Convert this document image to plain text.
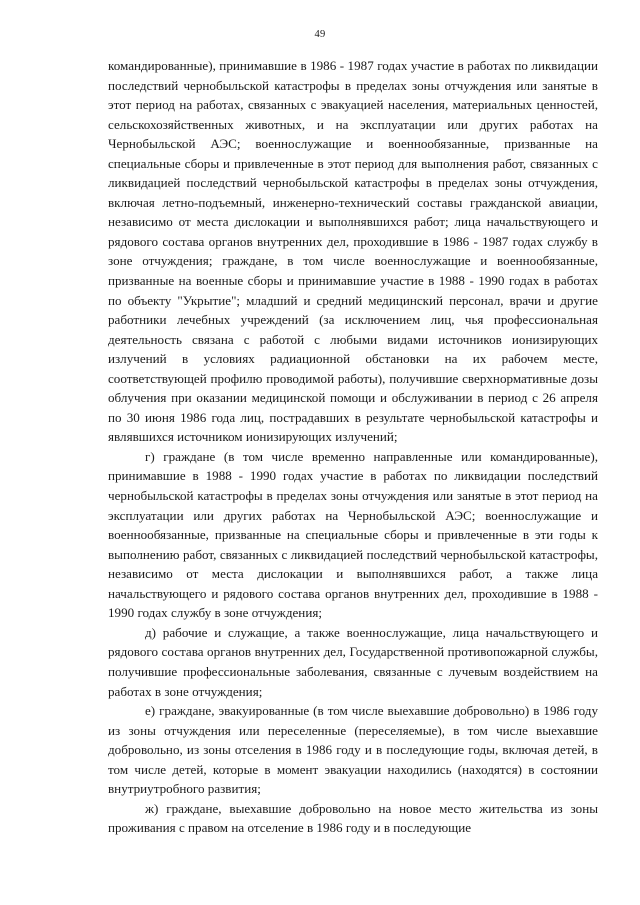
49

командированные), принимавшие в 1986 - 1987 годах участие в работах по ликвидации последствий чернобыльской катастрофы в пределах зоны отчуждения или занятые в этот период на работах, связанных с эвакуацией населения, материальных ценностей, сельскохозяйственных животных, и на эксплуатации или других работах на Чернобыльской АЭС; военнослужащие и военнообязанные, призванные на специальные сборы и привлеченные в этот период для выполнения работ, связанных с ликвидацией последствий чернобыльской катастрофы в пределах зоны отчуждения, включая летно-подъемный, инженерно-технический составы гражданской авиации, независимо от места дислокации и выполнявшихся работ; лица начальствующего и рядового состава органов внутренних дел, проходившие в 1986 - 1987 годах службу в зоне отчуждения; граждане, в том числе военнослужащие и военнообязанные, призванные на военные сборы и принимавшие участие в 1988 - 1990 годах в работах по объекту "Укрытие"; младший и средний медицинский персонал, врачи и другие работники лечебных учреждений (за исключением лиц, чья профессиональная деятельность связана с работой с любыми видами источников ионизирующих излучений в условиях радиационной обстановки на их рабочем месте, соответствующей профилю проводимой работы), получившие сверхнормативные дозы облучения при оказании медицинской помощи и обслуживании в период с 26 апреля по 30 июня 1986 года лиц, пострадавших в результате чернобыльской катастрофы и являвшихся источником ионизирующих излучений;

г) граждане (в том числе временно направленные или командированные), принимавшие в 1988 - 1990 годах участие в работах по ликвидации последствий чернобыльской катастрофы в пределах зоны отчуждения или занятые в этот период на эксплуатации или других работах на Чернобыльской АЭС; военнослужащие и военнообязанные, призванные на специальные сборы и привлеченные в эти годы к выполнению работ, связанных с ликвидацией последствий чернобыльской катастрофы, независимо от места дислокации и выполнявшихся работ, а также лица начальствующего и рядового состава органов внутренних дел, проходившие в 1988 - 1990 годах службу в зоне отчуждения;

д) рабочие и служащие, а также военнослужащие, лица начальствующего и рядового состава органов внутренних дел, Государственной противопожарной службы, получившие профессиональные заболевания, связанные с лучевым воздействием на работах в зоне отчуждения;

е) граждане, эвакуированные (в том числе выехавшие добровольно) в 1986 году из зоны отчуждения или переселенные (переселяемые), в том числе выехавшие добровольно, из зоны отселения в 1986 году и в последующие годы, включая детей, в том числе детей, которые в момент эвакуации находились (находятся) в состоянии внутриутробного развития;

ж) граждане, выехавшие добровольно на новое место жительства из зоны проживания с правом на отселение в 1986 году и в последующие
